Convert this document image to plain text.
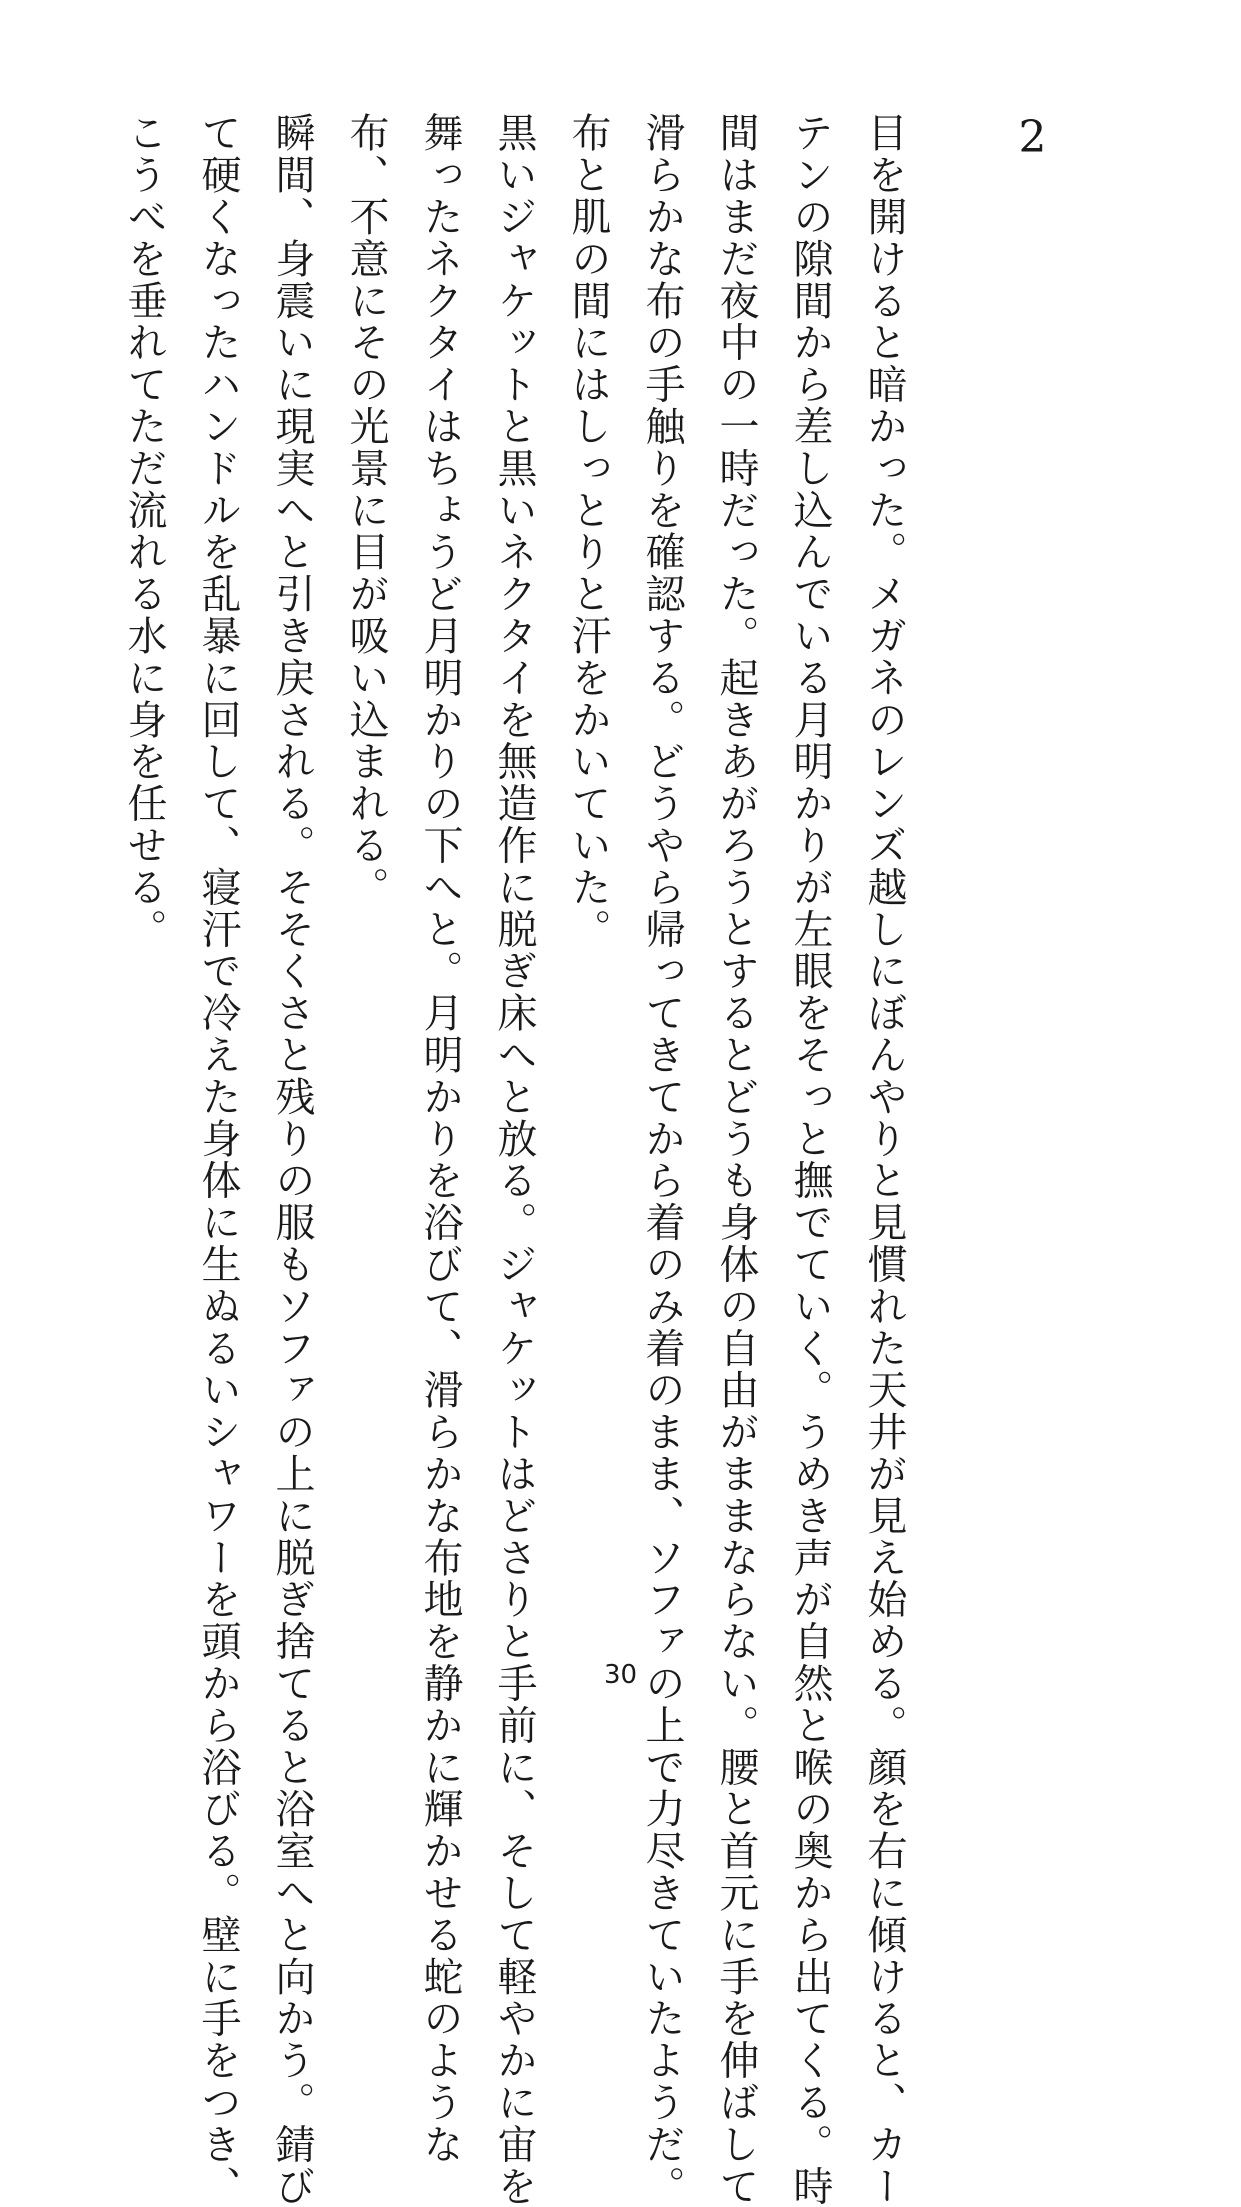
2
目を開けると暗かった。メガネのレンズ越しにぼんやりと見慣れた天井が見え始める。顔を右に傾けると、カー
テンの隙間から差し込んでいる月明かりが左眼をそっと撫でていく。うめき声が自然と喉の奥から出てくる。時
間はまだ夜中の一時だった。起きあがろうとするとどうも身体の自由がままならない。腰と首元に手を伸ばして
滑らかな布の手触りを確認する。どうやら帰ってきてから着のみ着のまま、ソファの上で力尽きていたようだ。
布と肌の間にはしっとりと汗をかいていた。
黒いジャケットと黒いネクタイを無造作に脱ぎ床へと放る。ジャケットはどさりと手前に、そして軽やかに宙を
舞ったネクタイはちょうど月明かりの下へと。月明かりを浴びて、滑らかな布地を静かに輝かせる蛇のような
布、不意にその光景に目が吸い込まれる。
瞬間、身震いに現実へと引き戻される。そそくさと残りの服もソファの上に脱ぎ捨てると浴室へと向かう。錆び
て硬くなったハンドルを乱暴に回して、寝汗で冷えた身体に生ぬるいシャワーを頭から浴びる。壁に手をつき、
こうべを垂れてただ流れる水に身を任せる。
30
